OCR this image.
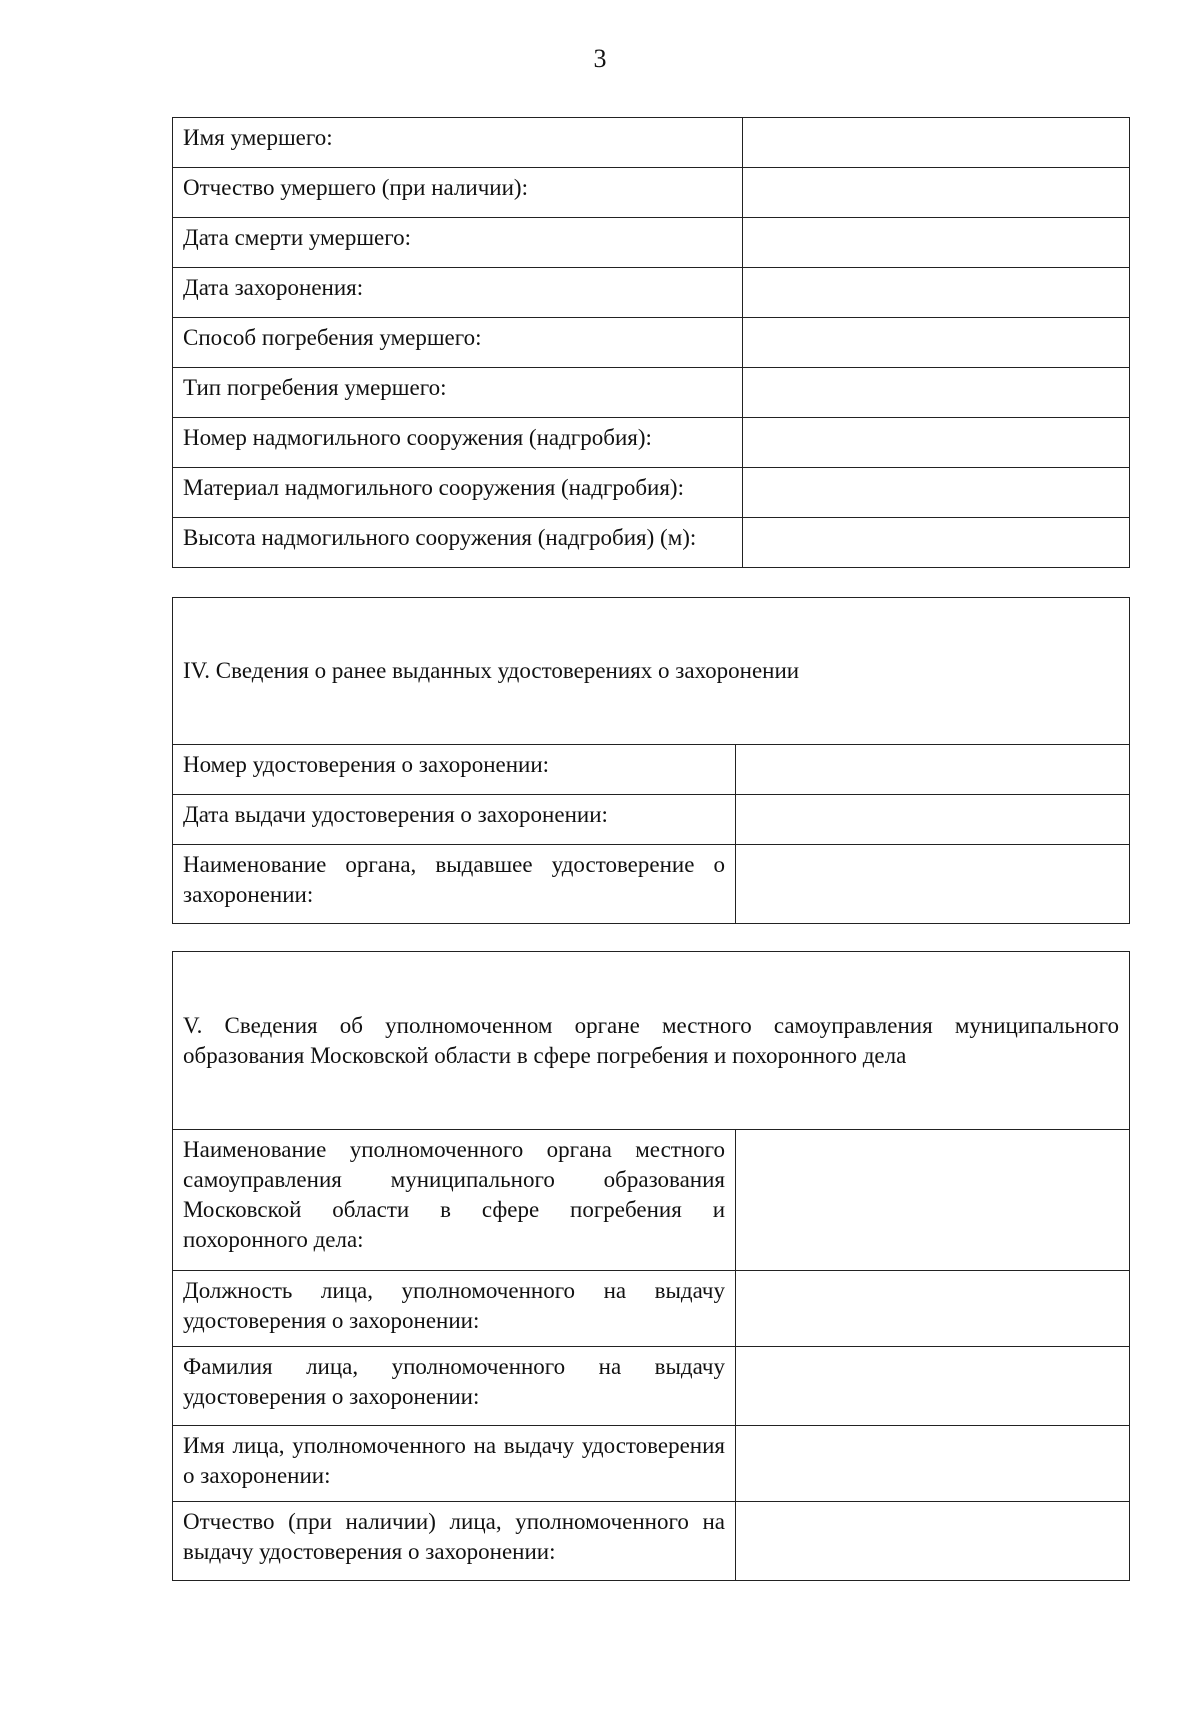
3
Имя умершего:	
Отчество умершего (при наличии):	
Дата смерти умершего:	
Дата захоронения:	
Способ погребения умершего:	
Тип погребения умершего:	
Номер надмогильного сооружения (надгробия):	
Материал надмогильного сооружения (надгробия):	
Высота надмогильного сооружения (надгробия) (м):	
IV. Сведения о ранее выданных удостоверениях о захоронении	
Номер удостоверения о захоронении:	
Дата выдачи удостоверения о захоронении:	
Наименование органа, выдавшее удостоверение о захоронении:	
V. Сведения об уполномоченном органе местного самоуправления муниципального образования Московской области в сфере погребения и похоронного дела	
Наименование уполномоченного органа местного самоуправления муниципального образования Московской области в сфере погребения и похоронного дела:	
Должность лица, уполномоченного на выдачу удостоверения о захоронении:	
Фамилия лица, уполномоченного на выдачу удостоверения о захоронении:	
Имя лица, уполномоченного на выдачу удостоверения о захоронении:	
Отчество (при наличии) лица, уполномоченного на выдачу удостоверения о захоронении:	
